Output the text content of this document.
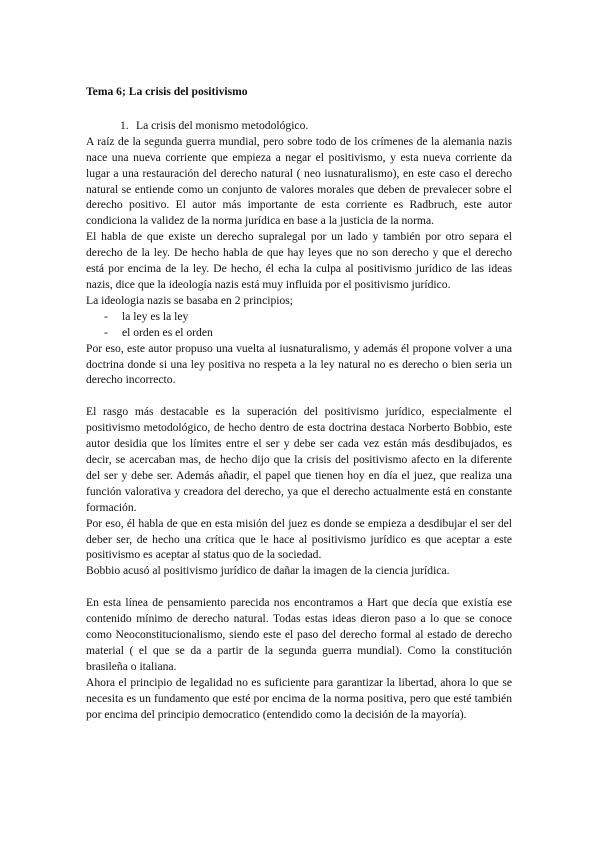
Tema 6; La crisis del positivismo
1. La crisis del monismo metodológico.

A raíz de la segunda guerra mundial, pero sobre todo de los crímenes de la alemania nazis nace una nueva corriente que empieza a negar el positivismo, y esta nueva corriente da lugar a una restauración del derecho natural ( neo iusnaturalismo), en este caso el derecho natural se entiende como un conjunto de valores morales que deben de prevalecer sobre el derecho positivo. El autor más importante de esta corriente es Radbruch, este autor condiciona la validez de la norma jurídica en base a la justicia de la norma.

El habla de que existe un derecho supralegal por un lado y también por otro separa el derecho de la ley. De hecho habla de que hay leyes que no son derecho y que el derecho está por encima de la ley. De hecho, él echa la culpa al positivismo jurídico de las ideas nazis, dice que la ideología nazis está muy influida por el positivismo jurídico.

La ideologia nazis se basaba en 2 principios;

-	la ley es la ley
-	el orden es el orden

Por eso, este autor propuso una vuelta al iusnaturalismo, y además él propone volver a una doctrina donde si una ley positiva no respeta a la ley natural no es derecho o bien seria un derecho incorrecto.

El rasgo más destacable es la superación del positivismo jurídico, especialmente el positivismo metodológico, de hecho dentro de esta doctrina destaca Norberto Bobbio, este autor desidia que los límites entre el ser y debe ser cada vez están más desdibujados, es decir, se acercaban mas, de hecho dijo que la crisis del positivismo afecto en la diferente del ser y debe ser. Además añadir, el papel que tienen hoy en día el juez, que realiza una función valorativa y creadora del derecho, ya que el derecho actualmente está en constante formación.

Por eso, él habla de que en esta misión del juez es donde se empieza a desdibujar el ser del deber ser, de hecho una crítica que le hace al positivismo jurídico es que aceptar a este positivismo es aceptar al status quo de la sociedad.

Bobbio acusó al positivismo jurídico de dañar la imagen de la ciencia jurídica.

En esta línea de pensamiento parecida nos encontramos a Hart que decía que existía ese contenido mínimo de derecho natural. Todas estas ideas dieron paso a lo que se conoce como Neoconstitucionalismo, siendo este el paso del derecho formal al estado de derecho material ( el que se da a partir de la segunda guerra mundial). Como la constitución brasileña o italiana.

Ahora el principio de legalidad no es suficiente para garantizar la libertad, ahora lo que se necesita es un fundamento que esté por encima de la norma positiva, pero que esté también por encima del principio democratico (entendido como la decisión de la mayoría).
